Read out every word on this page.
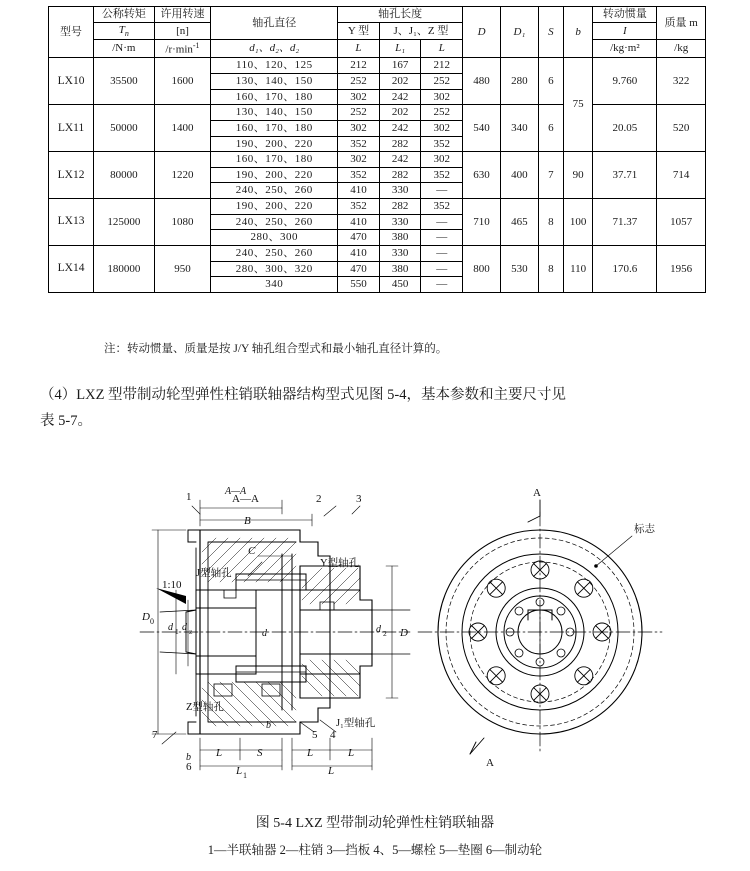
型号	公称转矩	许用转速	轴孔直径	轴孔长度			D	D₁	S	b	转动惯量	质量 m
	$T_n$	[n]		Y 型	J、J₁、Z 型						I	
	/N·m	$/r\cdot\min^{-1}$	d₁、d₂、d₂	L	L₁	L					/kg·m²	/kg
LX10	35500	1600	110、120、125	212	167	212	480	280	6	75	9.760	322
			130、140、150	252	202	252						
			160、170、180	302	242	302						
LX11	50000	1400	130、140、150	252	202	252	540	340	6		20.05	520
			160、170、180	302	242	302						
			190、200、220	352	282	352						
LX12	80000	1220	160、170、180	302	242	302	630	400	7	90	37.71	714
			190、200、220	352	282	352						
			240、250、260	410	330	—						
LX13	125000	1080	190、200、220	352	282	352	710	465	8	100	71.37	1057
			240、250、260	410	330	—						
			280、300	470	380	—						
LX14	180000	950	240、250、260	410	330	—	800	530	8	110	170.6	1956
			280、300、320	470	380	—						
			340	550	450	—						
注：转动惯量、质量是按 J/Y 轴孔组合型式和最小轴孔直径计算的。
（4）LXZ 型带制动轮型弹性柱销联轴器结构型式见图 5-4，基本参数和主要尺寸见
表 5-7。
A—A
1	2	3
B
C
D 0
d 1 d z	d	d 2 D
1:10
J型轴孔
Y型轴孔
Z型轴孔
J₁型轴孔
L	S	L	L
L 1	L
7
6
5 4
A—A	A
A
标志
b
b
图 5-4 LXZ 型带制动轮弹性柱销联轴器
1—半联轴器 2—柱销 3—挡板 4、5—螺栓 5—垫圈 6—制动轮
